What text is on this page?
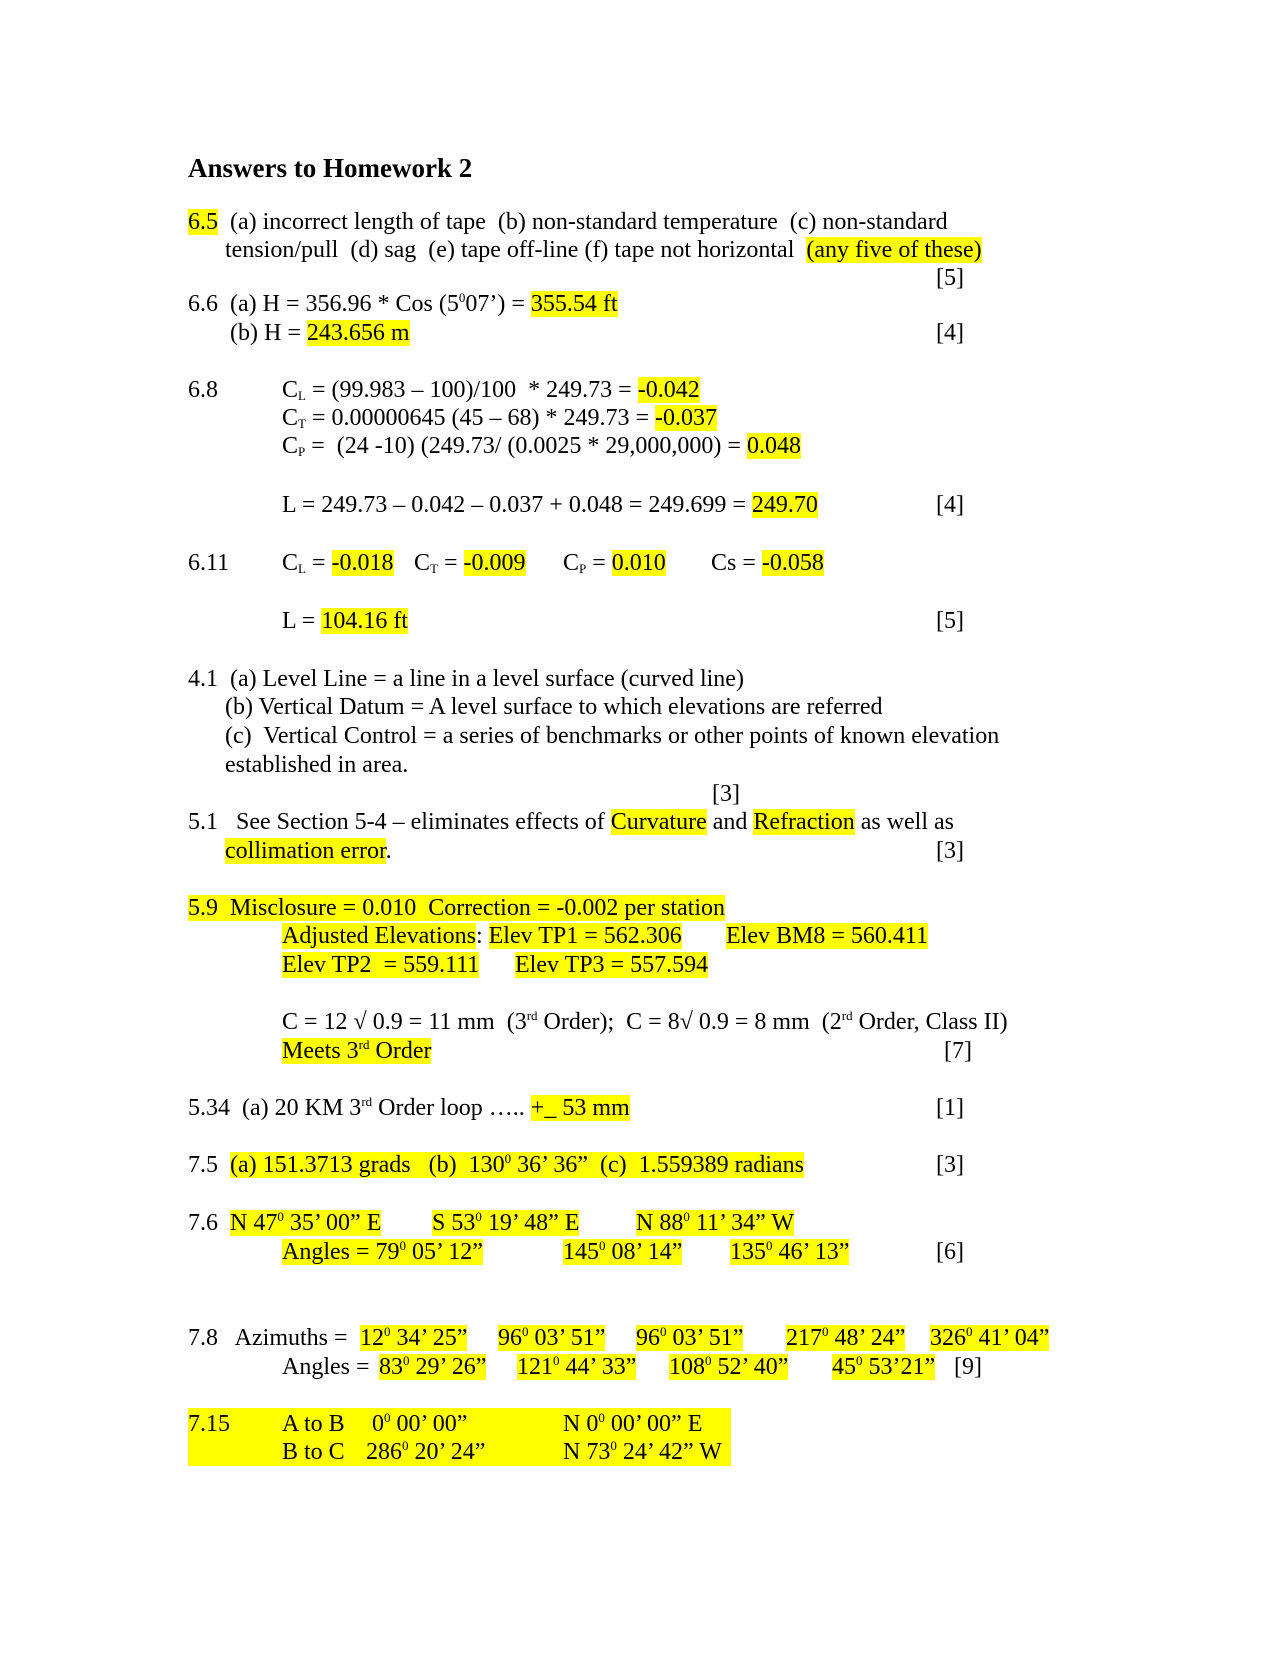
Answers to Homework 2
6.5  (a) incorrect length of tape  (b) non-standard temperature  (c) non-standard
tension/pull  (d) sag  (e) tape off-line (f) tape not horizontal  (any five of these)
[5]
6.6  (a) H = 356.96 * Cos $(5^007’) = 355.54$ ft
(b) H = 243.656 m	[4]
6.8	$C_L = (99.983 - 100)/100 * 249.73 = -0.042$
$C_T = 0.00000645$ (45 – 68) * 249.73 = -0.037
$C_P = (24$ -10) (249.73/ (0.0025 * 29,000,000) = 0.048
L = 249.73 – 0.042 – 0.037 + 0.048 = 249.699 = 249.70	[4]
6.11 $C_L = -0.018$ $C_T = -0.009$ $C_P = 0.010$ Cs = -0.058
L = 104.16 ft	[5]
4.1  (a) Level Line = a line in a level surface (curved line)
(b) Vertical Datum = A level surface to which elevations are referred
(c)  Vertical Control = a series of benchmarks or other points of known elevation
established in area.
[3]
5.1   See Section 5-4 – eliminates effects of Curvature and Refraction as well as
collimation error.	[3]
5.9  Misclosure = 0.010  Correction = -0.002 per station
Adjusted Elevations: Elev TP1 = 562.306 Elev BM8 = 560.411
Elev TP2  = 559.111 Elev TP3 = 557.594
C = 12 √ 0.9 = 11 mm  (3rd Order);  C = 8√ 0.9 = 8 mm  (2rd Order, Class II)
Meets 3rd Order	[7]
5.34  (a) 20 KM 3rd Order loop ….. +_ 53 mm	[1]
7.5  (a) 151.3713 grads   (b)  $130^0$ 36’ 36”  (c)  1.559389 radians	[3]
7.6  N $47^0$ 35’ 00” E S $53^0$ 19’ 48” E N $88^0$ 11’ 34” W
Angles = $79^0$ 05’ 12”	$145^0$ 08’ 14” $135^0$ 46’ 13”	[6]
7.8   Azimuths = $12^0$ 34’ 25” $96^0$ 03’ 51” $96^0$ 03’ 51” $217^0$ 48’ 24” $326^0$ 41’ 04”
Angles = $83^0$ 29’ 26” $121^0$ 44’ 33” $108^0$ 52’ 40” $45^0$ 53’21” [9]
7.15 A to B $0^0$ 00’ 00”	N $0^0$ 00’ 00” E
B to C $286^0$ 20’ 24”	N $73^0$ 24’ 42” W
